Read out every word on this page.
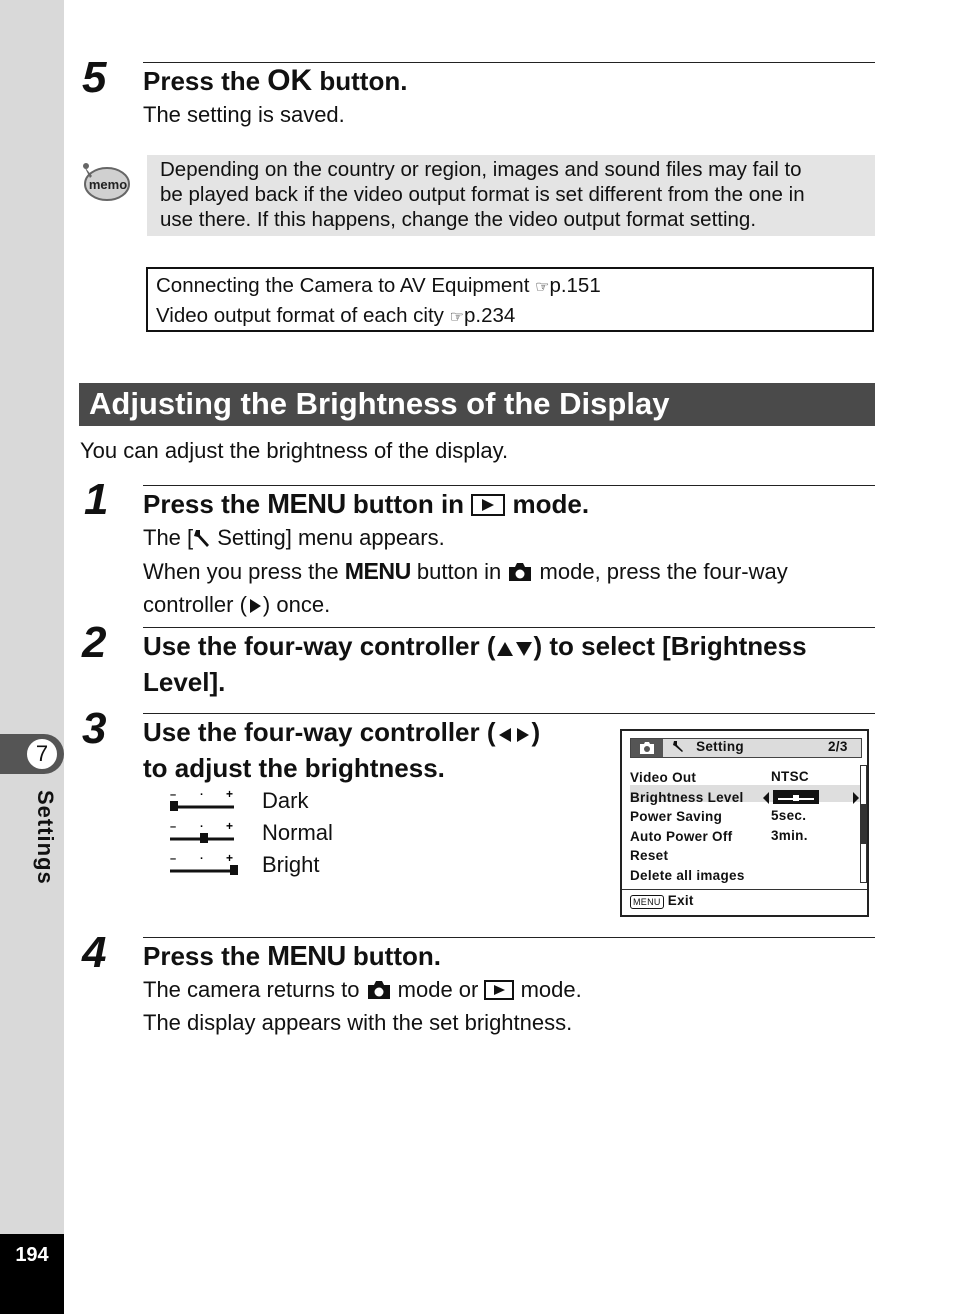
7
Settings
194
5 Press the OK button.
The setting is saved.
memo
Depending on the country or region, images and sound files may fail to
be played back if the video output format is set different from the one in
use there. If this happens, change the video output format setting.
Connecting the Camera to AV Equipment ☞p.151
Video output format of each city ☞p.234
Adjusting the Brightness of the Display
You can adjust the brightness of the display.
1 Press the MENU button in  mode.
The [ Setting] menu appears.
When you press the MENU button in  mode, press the four-way
controller ( ) once.
2 Use the four-way controller ( ) to select [Brightness
Level].
3 Use the four-way controller ( )
to adjust the brightness.
– · + Dark
– · + Normal
– · + Bright
Setting	2/3
Video Out
Brightness Level
Power Saving
Auto Power Off
Reset
Delete all images
NTSC
5sec.
3min.
MENU Exit
4 Press the MENU button.
The camera returns to  mode or  mode.
The display appears with the set brightness.
